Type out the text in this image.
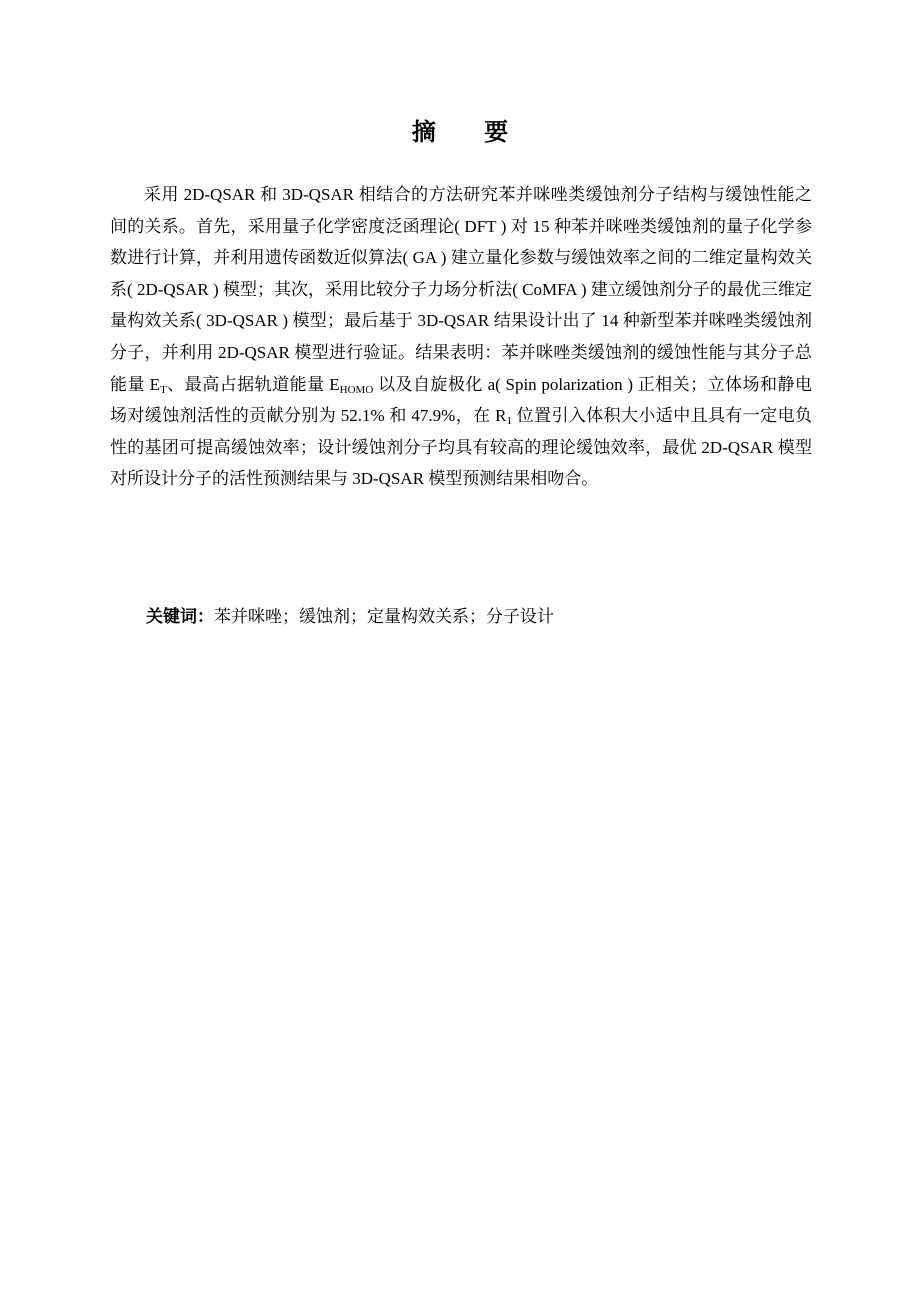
摘 要

采用 2D-QSAR 和 3D-QSAR 相结合的方法研究苯并咪唑类缓蚀剂分子结构与缓蚀性能之间的关系。首先，采用量子化学密度泛函理论( DFT ) 对 15 种苯并咪唑类缓蚀剂的量子化学参数进行计算，并利用遗传函数近似算法( GA ) 建立量化参数与缓蚀效率之间的二维定量构效关系( 2D-QSAR ) 模型；其次，采用比较分子力场分析法( CoMFA ) 建立缓蚀剂分子的最优三维定量构效关系( 3D-QSAR ) 模型；最后基于 3D-QSAR 结果设计出了 14 种新型苯并咪唑类缓蚀剂分子，并利用 2D-QSAR 模型进行验证。结果表明：苯并咪唑类缓蚀剂的缓蚀性能与其分子总能量 $E_T$、最高占据轨道能量 $E_{HOMO}$ 以及自旋极化 a( Spin polarization ) 正相关；立体场和静电场对缓蚀剂活性的贡献分别为 52.1% 和 47.9%，在 $R_1$ 位置引入体积大小适中且具有一定电负性的基团可提高缓蚀效率；设计缓蚀剂分子均具有较高的理论缓蚀效率，最优 2D-QSAR 模型对所设计分子的活性预测结果与 3D-QSAR 模型预测结果相吻合。

关键词：苯并咪唑；缓蚀剂；定量构效关系；分子设计
